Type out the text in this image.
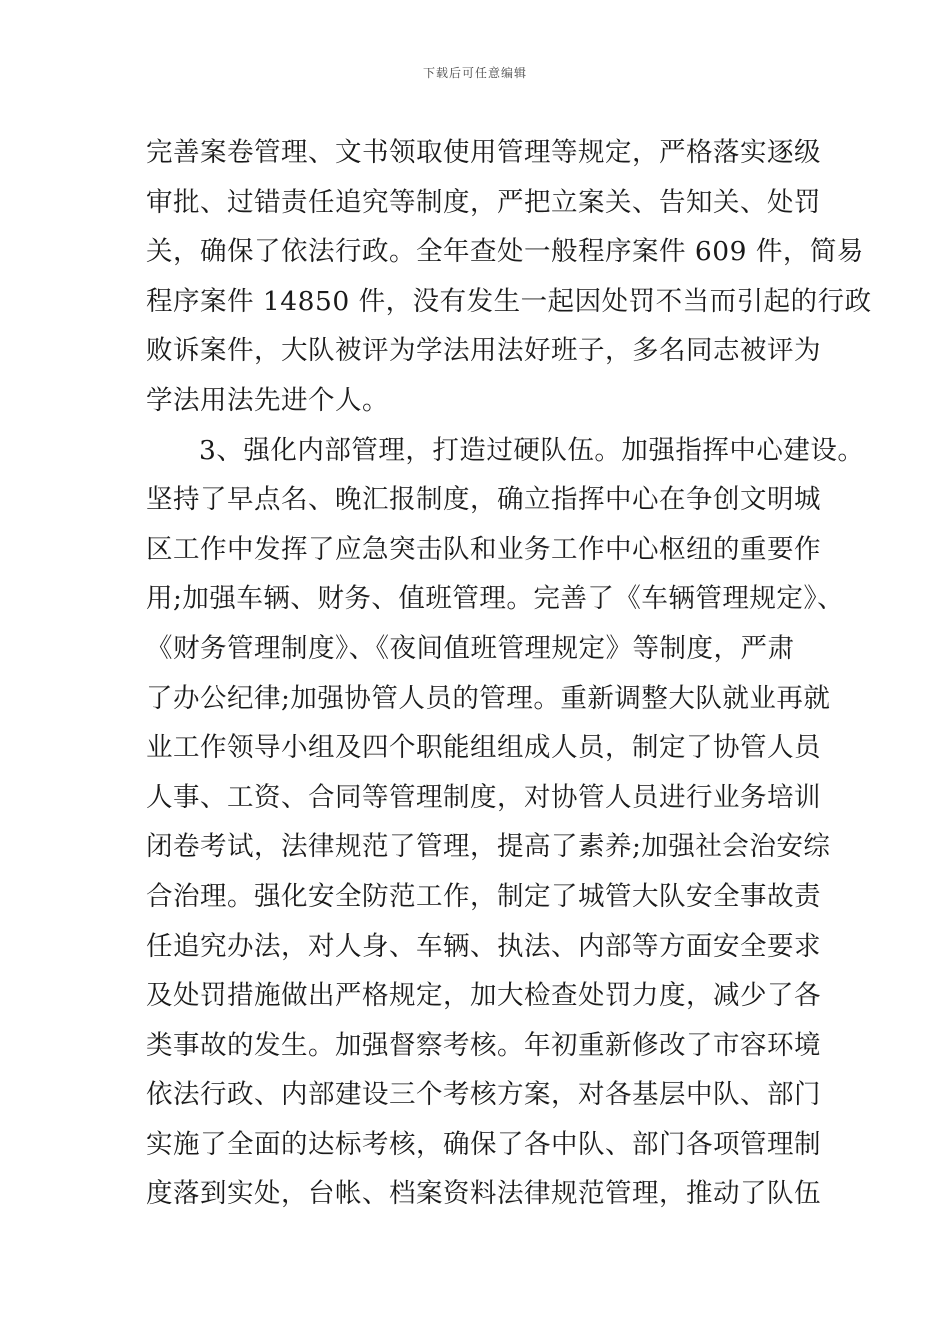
下载后可任意编辑
完善案卷管理、文书领取使用管理等规定，严格落实逐级
审批、过错责任追究等制度，严把立案关、告知关、处罚
关，确保了依法行政。全年查处一般程序案件 609 件，简易
程序案件 14850 件，没有发生一起因处罚不当而引起的行政
败诉案件，大队被评为学法用法好班子，多名同志被评为
学法用法先进个人。
3、强化内部管理，打造过硬队伍。加强指挥中心建设。
坚持了早点名、晚汇报制度，确立指挥中心在争创文明城
区工作中发挥了应急突击队和业务工作中心枢纽的重要作
用;加强车辆、财务、值班管理。完善了《车辆管理规定》、
《财务管理制度》、《夜间值班管理规定》等制度，严肃
了办公纪律;加强协管人员的管理。重新调整大队就业再就
业工作领导小组及四个职能组组成人员，制定了协管人员
人事、工资、合同等管理制度，对协管人员进行业务培训
闭卷考试，法律规范了管理，提高了素养;加强社会治安综
合治理。强化安全防范工作，制定了城管大队安全事故责
任追究办法，对人身、车辆、执法、内部等方面安全要求
及处罚措施做出严格规定，加大检查处罚力度，减少了各
类事故的发生。加强督察考核。年初重新修改了市容环境
依法行政、内部建设三个考核方案，对各基层中队、部门
实施了全面的达标考核，确保了各中队、部门各项管理制
度落到实处，台帐、档案资料法律规范管理，推动了队伍
